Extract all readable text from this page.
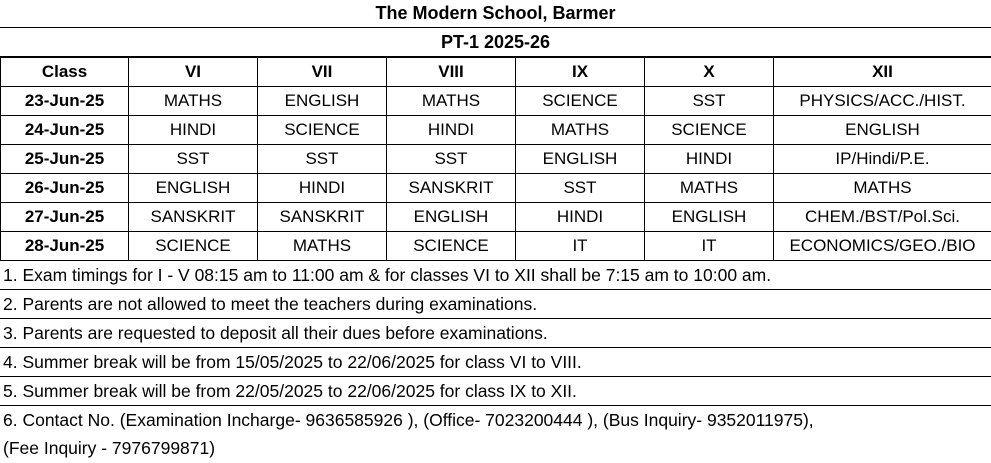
The Modern School, Barmer
PT-1 2025-26
Class	VI	VII	VIII	IX	X	XII
23-Jun-25	MATHS	ENGLISH	MATHS	SCIENCE	SST	PHYSICS/ACC./HIST.
24-Jun-25	HINDI	SCIENCE	HINDI	MATHS	SCIENCE	ENGLISH
25-Jun-25	SST	SST	SST	ENGLISH	HINDI	IP/Hindi/P.E.
26-Jun-25	ENGLISH	HINDI	SANSKRIT	SST	MATHS	MATHS
27-Jun-25	SANSKRIT	SANSKRIT	ENGLISH	HINDI	ENGLISH	CHEM./BST/Pol.Sci.
28-Jun-25	SCIENCE	MATHS	SCIENCE	IT	IT	ECONOMICS/GEO./BIO
1. Exam timings for I - V 08:15 am to 11:00 am & for classes VI to XII shall be 7:15 am to 10:00 am.
2. Parents are not allowed to meet the teachers during examinations.
3. Parents are requested to deposit all their dues before examinations.
4. Summer break will be from 15/05/2025 to 22/06/2025 for class VI to VIII.
5. Summer break will be from 22/05/2025 to 22/06/2025 for class IX to XII.
6. Contact No. (Examination Incharge- 9636585926 ), (Office- 7023200444 ), (Bus Inquiry- 9352011975),
(Fee Inquiry - 7976799871)
